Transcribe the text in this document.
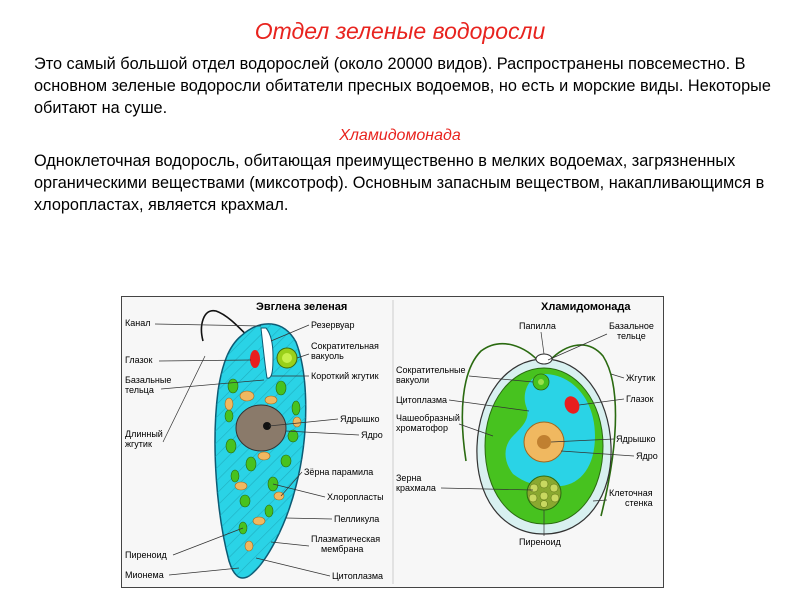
Отдел зеленые водоросли

Это самый большой отдел водорослей (около 20000 видов). Распространены повсеместно. В основном зеленые водоросли обитатели пресных водоемов, но есть и морские виды. Некоторые обитают на суше.

Хламидомонада

Одноклеточная водоросль, обитающая преимущественно в мелких водоемах, загрязненных органическими веществами (миксотроф). Основным запасным веществом, накапливающимся в хлоропластах, является крахмал.

Эвглена зеленая
Канал
Глазок
Базальные
тельца
Длинный
жгутик
Пиреноид
Мионема
Резервуар
Сократительная
вакуоль
Короткий жгутик
Ядрышко
Ядро
Зёрна парамила
Хлоропласты
Пелликула
Плазматическая
мембрана
Цитоплазма
Хламидомонада
Папилла
Сократительные
вакуоли
Цитоплазма
Чашеобразный
хроматофор
Зерна
крахмала
Пиреноид
Базальное
тельце
Жгутик
Глазок
Ядрышко
Ядро
Клеточная
стенка
